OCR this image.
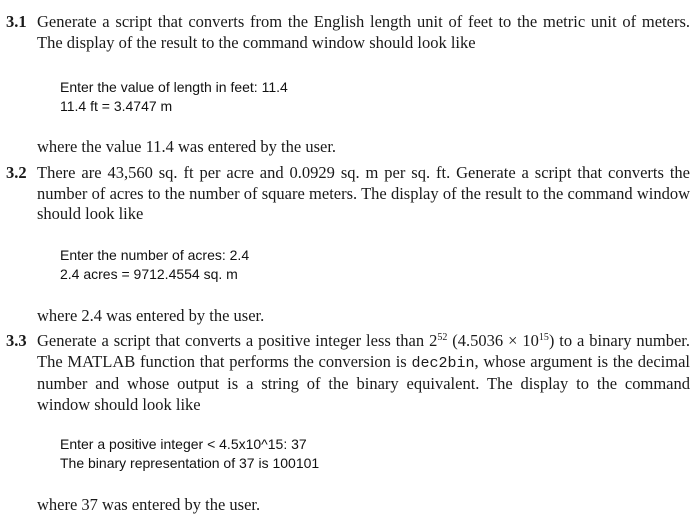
3.1 Generate a script that converts from the English length unit of feet to the metric unit of meters. The display of the result to the command window should look like
Enter the value of length in feet: 11.4
11.4 ft = 3.4747 m
where the value 11.4 was entered by the user.
3.2 There are 43,560 sq. ft per acre and 0.0929 sq. m per sq. ft. Generate a script that converts the number of acres to the number of square meters. The display of the result to the command window should look like
Enter the number of acres: 2.4
2.4 acres = 9712.4554 sq. m
where 2.4 was entered by the user.
3.3 Generate a script that converts a positive integer less than $2^{52}$ $(4.5036 \times 10^{15})$ to a binary number. The MATLAB function that performs the conversion is dec2bin, whose argument is the decimal number and whose output is a string of the binary equivalent. The display to the command window should look like
Enter a positive integer < 4.5x10^15: 37
The binary representation of 37 is 100101
where 37 was entered by the user.
